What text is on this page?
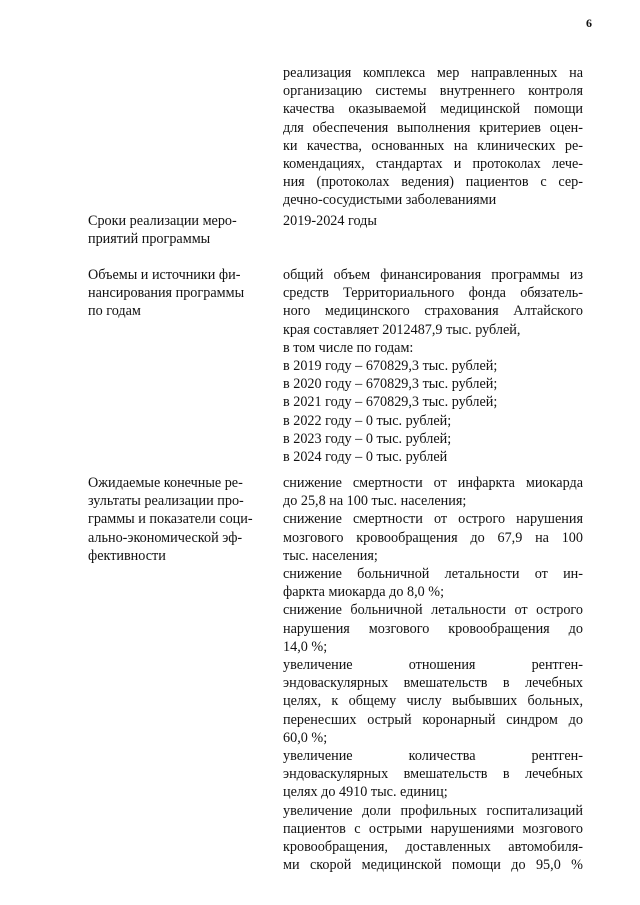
6
реализация комплекса мер направленных на
организацию системы внутреннего контроля
качества оказываемой медицинской помощи
для обеспечения выполнения критериев оцен-
ки качества, основанных на клинических ре-
комендациях, стандартах и протоколах лече-
ния (протоколах ведения) пациентов с сер-
дечно-сосудистыми заболеваниями
Сроки реализации меро-
приятий программы
2019-2024 годы
Объемы и источники фи-
нансирования программы
по годам
общий объем финансирования программы из
средств Территориального фонда обязатель-
ного медицинского страхования Алтайского
края составляет 2012487,9 тыс. рублей,
в том числе по годам:
в 2019 году – 670829,3 тыс. рублей;
в 2020 году – 670829,3 тыс. рублей;
в 2021 году – 670829,3 тыс. рублей;
в 2022 году – 0 тыс. рублей;
в 2023 году – 0 тыс. рублей;
в 2024 году – 0 тыс. рублей
Ожидаемые конечные ре-
зультаты реализации про-
граммы и показатели соци-
ально-экономической эф-
фективности
снижение смертности от инфаркта миокарда
до 25,8 на 100 тыс. населения;
снижение смертности от острого нарушения
мозгового кровообращения до 67,9 на 100
тыс. населения;
снижение больничной летальности от ин-
фаркта миокарда до 8,0 %;
снижение больничной летальности от острого
нарушения мозгового кровообращения до
14,0 %;
увеличение отношения рентген-
эндоваскулярных вмешательств в лечебных
целях, к общему числу выбывших больных,
перенесших острый коронарный синдром до
60,0 %;
увеличение количества рентген-
эндоваскулярных вмешательств в лечебных
целях до 4910 тыс. единиц;
увеличение доли профильных госпитализаций
пациентов с острыми нарушениями мозгового
кровообращения, доставленных автомобиля-
ми скорой медицинской помощи до 95,0 %
